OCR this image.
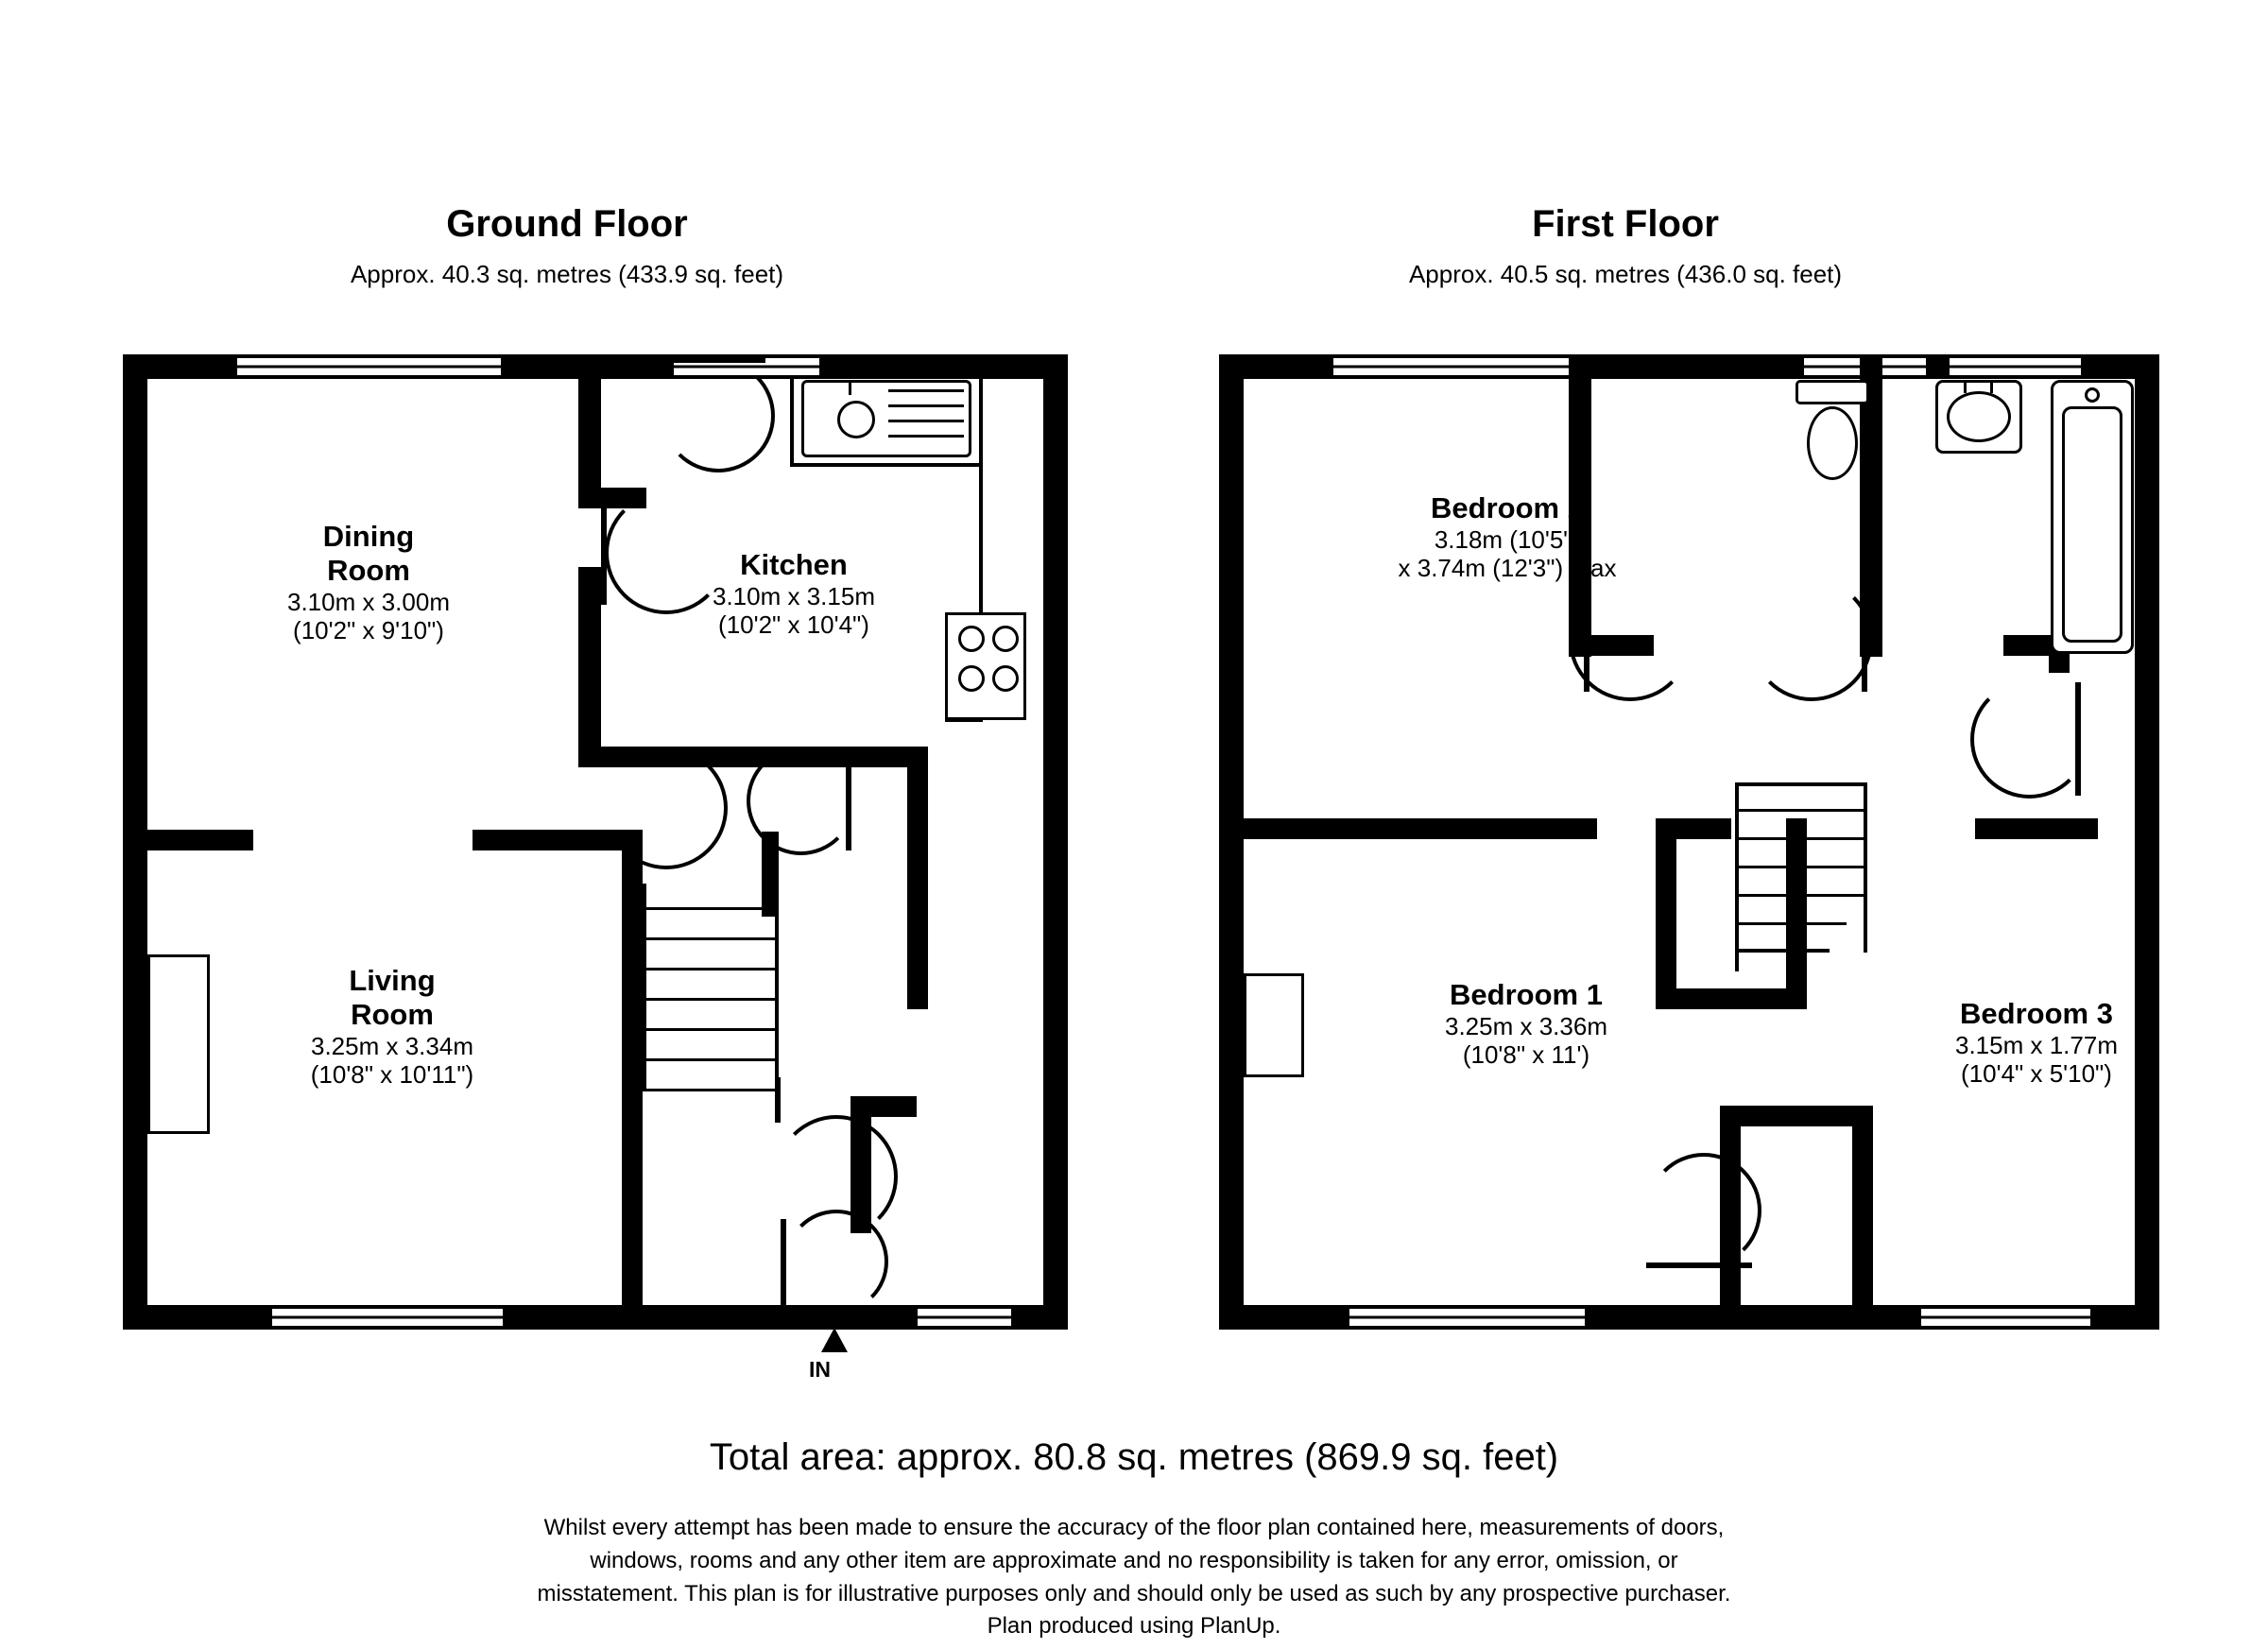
Ground Floor
Approx. 40.3 sq. metres (433.9 sq. feet)
Dining
Room
3.10m x 3.00m
(10'2" x 9'10")
Kitchen
3.10m x 3.15m
(10'2" x 10'4")
Living
Room
3.25m x 3.34m
(10'8" x 10'11")
IN
First Floor
Approx. 40.5 sq. metres (436.0 sq. feet)
Bedroom 2
3.18m (10'5")
x 3.74m (12'3") max
Bedroom 1
3.25m x 3.36m
(10'8" x 11')
Bedroom 3
3.15m x 1.77m
(10'4" x 5'10")
Total area: approx. 80.8 sq. metres (869.9 sq. feet)
Whilst every attempt has been made to ensure the accuracy of the floor plan contained here, measurements of doors,
windows, rooms and any other item are approximate and no responsibility is taken for any error, omission, or
misstatement. This plan is for illustrative purposes only and should only be used as such by any prospective purchaser.
Plan produced using PlanUp.
